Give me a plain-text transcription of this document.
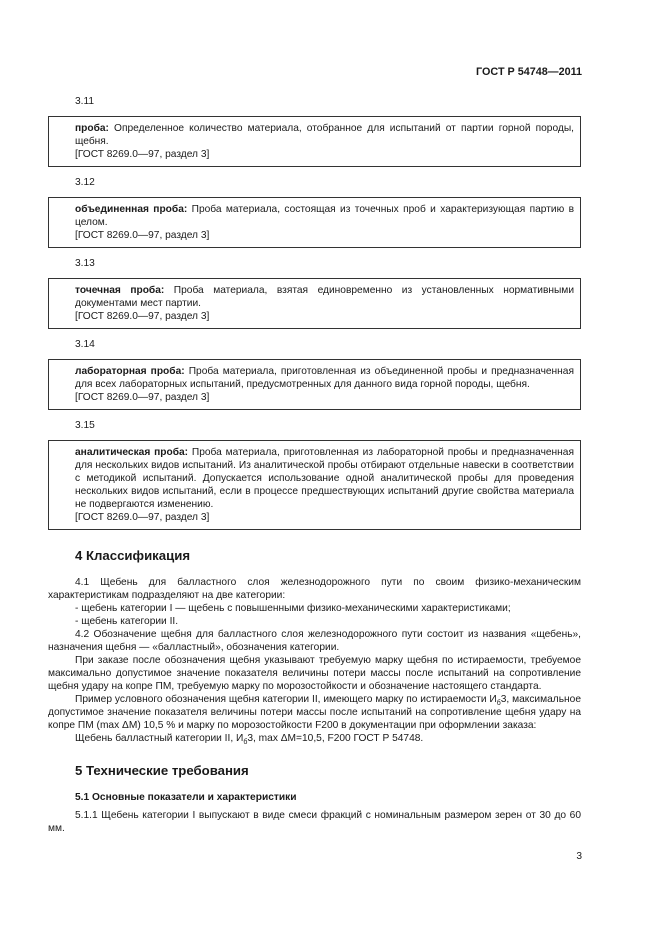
ГОСТ Р 54748—2011
3.11
проба: Определенное количество материала, отобранное для испытаний от партии горной породы, щебня.
[ГОСТ 8269.0—97, раздел 3]
3.12
объединенная проба: Проба материала, состоящая из точечных проб и характеризующая партию в целом.
[ГОСТ 8269.0—97, раздел 3]
3.13
точечная проба: Проба материала, взятая единовременно из установленных нормативными документами мест партии.
[ГОСТ 8269.0—97, раздел 3]
3.14
лабораторная проба: Проба материала, приготовленная из объединенной пробы и предназначенная для всех лабораторных испытаний, предусмотренных для данного вида горной породы, щебня.
[ГОСТ 8269.0—97, раздел 3]
3.15
аналитическая проба: Проба материала, приготовленная из лабораторной пробы и предназначенная для нескольких видов испытаний. Из аналитической пробы отбирают отдельные навески в соответствии с методикой испытаний. Допускается использование одной аналитической пробы для проведения нескольких видов испытаний, если в процессе предшествующих испытаний другие свойства материала не подвергаются изменению.
[ГОСТ 8269.0—97, раздел 3]
4 Классификация

4.1 Щебень для балластного слоя железнодорожного пути по своим физико-механическим характеристикам подразделяют на две категории:

- щебень категории I — щебень с повышенными физико-механическими характеристиками;
- щебень категории II.

4.2 Обозначение щебня для балластного слоя железнодорожного пути состоит из названия «щебень», назначения щебня — «балластный», обозначения категории.

При заказе после обозначения щебня указывают требуемую марку щебня по истираемости, требуемое максимально допустимое значение показателя величины потери массы после испытаний на сопротивление щебня удару на копре ПМ, требуемую марку по морозостойкости и обозначение настоящего стандарта.

Пример условного обозначения щебня категории II, имеющего марку по истираемости $И_б3$, максимальное допустимое значение показателя величины потери массы после испытаний на сопротивление щебня удару на копре ПМ (max ΔM) 10,5 % и марку по морозостойкости F200 в документации при оформлении заказа:

Щебень балластный категории II, $И_б3$, max ΔM=10,5, F200 ГОСТ Р 54748.

5 Технические требования
5.1 Основные показатели и характеристики

5.1.1 Щебень категории I выпускают в виде смеси фракций с номинальным размером зерен от 30 до 60 мм.

3
